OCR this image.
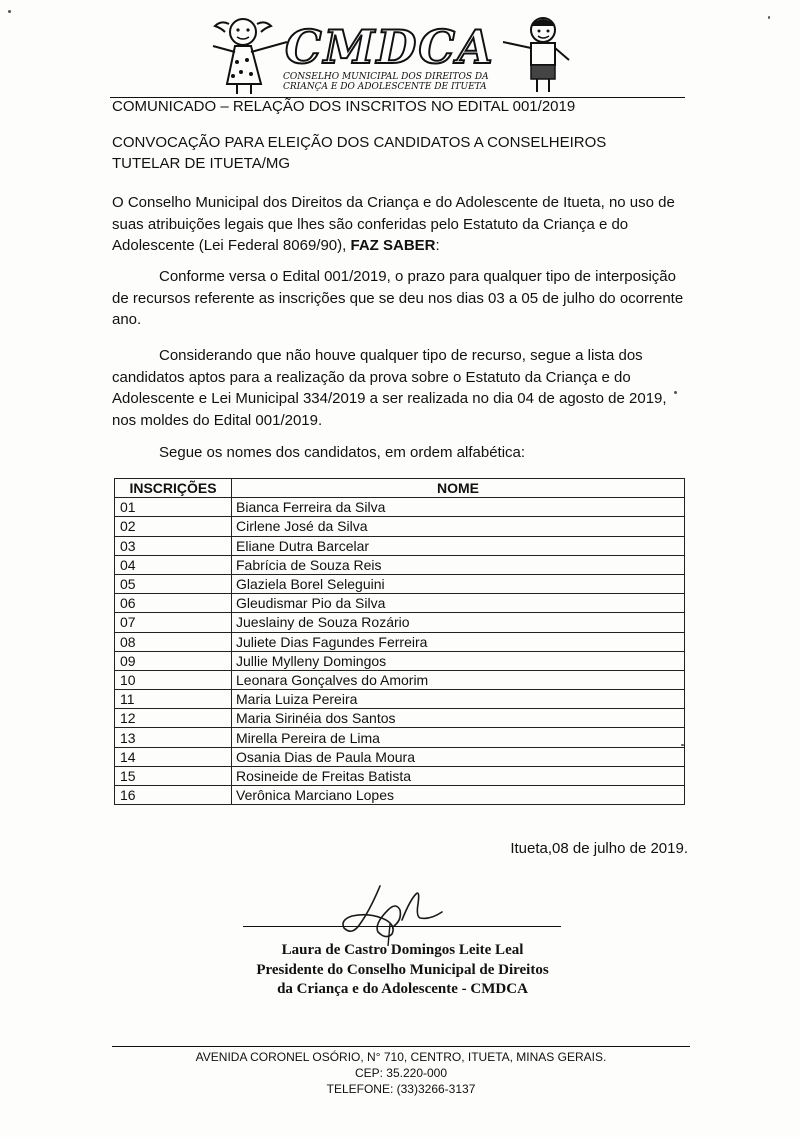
CMDCA
CONSELHO MUNICIPAL DOS DIREITOS DA
CRIANÇA E DO ADOLESCENTE DE ITUETA
COMUNICADO – RELAÇÃO DOS INSCRITOS NO EDITAL 001/2019
CONVOCAÇÃO PARA ELEIÇÃO DOS CANDIDATOS A CONSELHEIROS
TUTELAR DE ITUETA/MG
O Conselho Municipal dos Direitos da Criança e do Adolescente de Itueta, no uso de suas atribuições legais que lhes são conferidas pelo Estatuto da Criança e do Adolescente (Lei Federal 8069/90), FAZ SABER:
Conforme versa o Edital 001/2019, o prazo para qualquer tipo de interposição de recursos referente as inscrições que se deu nos dias 03 a 05 de julho do ocorrente ano.
Considerando que não houve qualquer tipo de recurso, segue a lista dos candidatos aptos para a realização da prova sobre o Estatuto da Criança e do Adolescente e Lei Municipal 334/2019 a ser realizada no dia 04 de agosto de 2019, nos moldes do Edital 001/2019.
Segue os nomes dos candidatos, em ordem alfabética:
INSCRIÇÕES	NOME
01	Bianca Ferreira da Silva
02	Cirlene José da Silva
03	Eliane Dutra Barcelar
04	Fabrícia de Souza Reis
05	Glaziela Borel Seleguini
06	Gleudismar Pio da Silva
07	Jueslainy de Souza Rozário
08	Juliete Dias Fagundes Ferreira
09	Jullie Mylleny Domingos
10	Leonara Gonçalves do Amorim
11	Maria Luiza Pereira
12	Maria Sirinéia dos Santos
13	Mirella Pereira de Lima
14	Osania Dias de Paula Moura
15	Rosineide de Freitas Batista
16	Verônica Marciano Lopes
Itueta,08 de julho de 2019.
Laura de Castro Domingos Leite Leal
Presidente do Conselho Municipal de Direitos
da Criança e do Adolescente - CMDCA
AVENIDA CORONEL OSÓRIO, N° 710, CENTRO, ITUETA, MINAS GERAIS.
CEP: 35.220-000
TELEFONE: (33)3266-3137
